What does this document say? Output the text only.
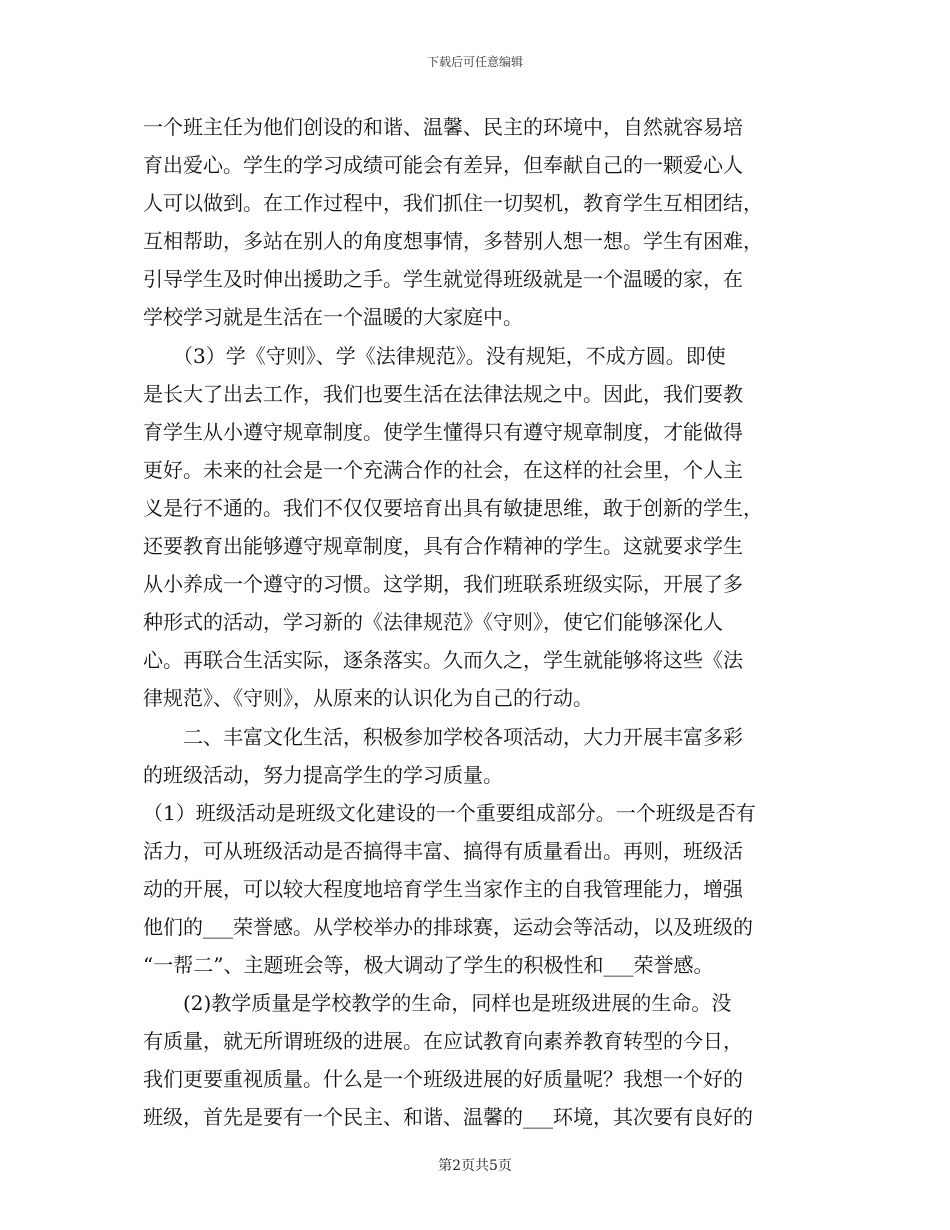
下载后可任意编辑
一个班主任为他们创设的和谐、温馨、民主的环境中，自然就容易培
育出爱心。学生的学习成绩可能会有差异，但奉献自己的一颗爱心人
人可以做到。在工作过程中，我们抓住一切契机，教育学生互相团结，
互相帮助，多站在别人的角度想事情，多替别人想一想。学生有困难，
引导学生及时伸出援助之手。学生就觉得班级就是一个温暖的家，在
学校学习就是生活在一个温暖的大家庭中。
　　（3）学《守则》、学《法律规范》。没有规矩，不成方圆。即使
是长大了出去工作，我们也要生活在法律法规之中。因此，我们要教
育学生从小遵守规章制度。使学生懂得只有遵守规章制度，才能做得
更好。未来的社会是一个充满合作的社会，在这样的社会里，个人主
义是行不通的。我们不仅仅要培育出具有敏捷思维，敢于创新的学生，
还要教育出能够遵守规章制度，具有合作精神的学生。这就要求学生
从小养成一个遵守的习惯。这学期，我们班联系班级实际，开展了多
种形式的活动，学习新的《法律规范》《守则》，使它们能够深化人
心。再联合生活实际，逐条落实。久而久之，学生就能够将这些《法
律规范》、《守则》，从原来的认识化为自己的行动。
　　二、丰富文化生活，积极参加学校各项活动，大力开展丰富多彩
的班级活动，努力提高学生的学习质量。
（1）班级活动是班级文化建设的一个重要组成部分。一个班级是否有
活力，可从班级活动是否搞得丰富、搞得有质量看出。再则，班级活
动的开展，可以较大程度地培育学生当家作主的自我管理能力，增强
他们的___荣誉感。从学校举办的排球赛，运动会等活动，以及班级的
“一帮二”、主题班会等，极大调动了学生的积极性和___荣誉感。
　　(2)教学质量是学校教学的生命，同样也是班级进展的生命。没
有质量，就无所谓班级的进展。在应试教育向素养教育转型的今日，
我们更要重视质量。什么是一个班级进展的好质量呢？我想一个好的
班级，首先是要有一个民主、和谐、温馨的___环境，其次要有良好的
第2页共5页
